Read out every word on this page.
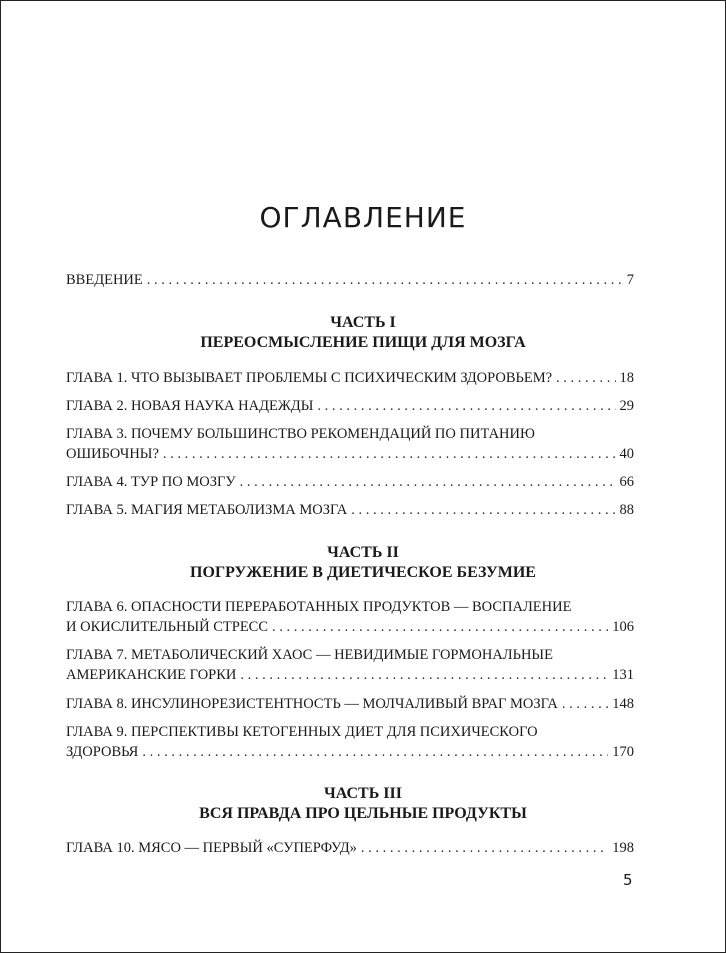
ОГЛАВЛЕНИЕ
ВВЕДЕНИЕ . . .	7
ЧАСТЬ I
ПЕРЕОСМЫСЛЕНИЕ ПИЩИ ДЛЯ МОЗГА
ГЛАВА 1. ЧТО ВЫЗЫВАЕТ ПРОБЛЕМЫ С ПСИХИЧЕСКИМ ЗДОРОВЬЕМ? . . .	18
ГЛАВА 2. НОВАЯ НАУКА НАДЕЖДЫ . . .	29
ГЛАВА 3. ПОЧЕМУ БОЛЬШИНСТВО РЕКОМЕНДАЦИЙ ПО ПИТАНИЮ
ОШИБОЧНЫ? . . .	40
ГЛАВА 4. ТУР ПО МОЗГУ . . .	66
ГЛАВА 5. МАГИЯ МЕТАБОЛИЗМА МОЗГА . . .	88
ЧАСТЬ II
ПОГРУЖЕНИЕ В ДИЕТИЧЕСКОЕ БЕЗУМИЕ
ГЛАВА 6. ОПАСНОСТИ ПЕРЕРАБОТАННЫХ ПРОДУКТОВ — ВОСПАЛЕНИЕ
И ОКИСЛИТЕЛЬНЫЙ СТРЕСС . . .	106
ГЛАВА 7. МЕТАБОЛИЧЕСКИЙ ХАОС — НЕВИДИМЫЕ ГОРМОНАЛЬНЫЕ
АМЕРИКАНСКИЕ ГОРКИ . . .	131
ГЛАВА 8. ИНСУЛИНОРЕЗИСТЕНТНОСТЬ — МОЛЧАЛИВЫЙ ВРАГ МОЗГА . . .	148
ГЛАВА 9. ПЕРСПЕКТИВЫ КЕТОГЕННЫХ ДИЕТ ДЛЯ ПСИХИЧЕСКОГО
ЗДОРОВЬЯ . . .	170
ЧАСТЬ III
ВСЯ ПРАВДА ПРО ЦЕЛЬНЫЕ ПРОДУКТЫ
ГЛАВА 10. МЯСО — ПЕРВЫЙ «СУПЕРФУД» . . .	198
5
